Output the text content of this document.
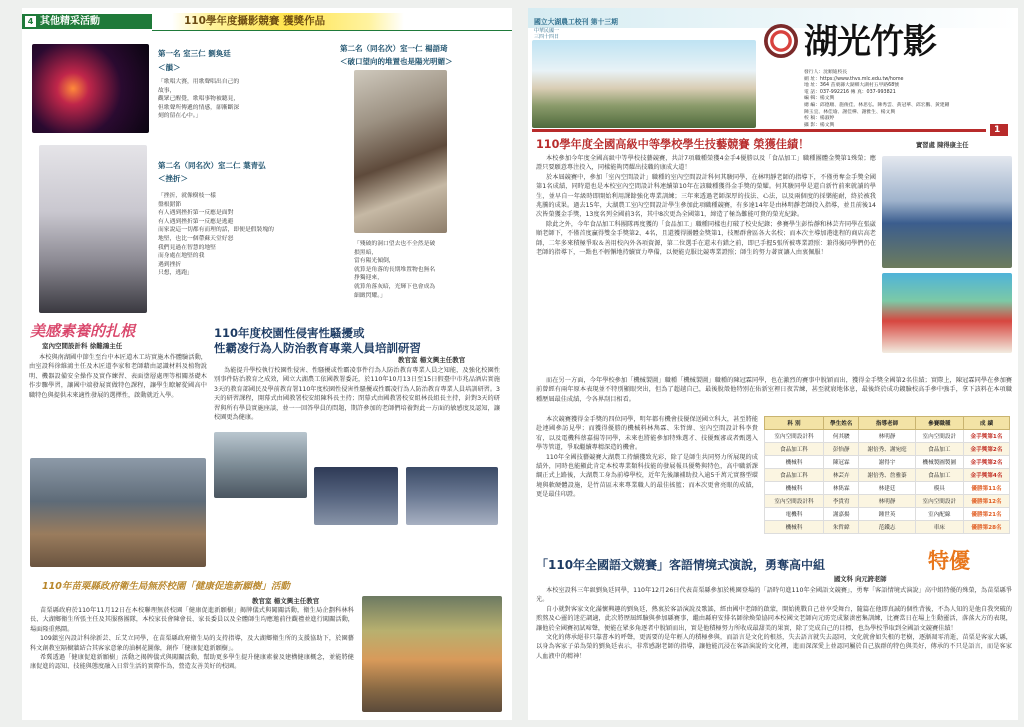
4 其他精采活動	110學年度攝影競賽 獲獎作品
第一名 室三仁 劉奐廷
＜韻＞
「歌唱大賽，用歌聲唱出自己的
故事，
觀眾已醒覺，歌唱事物被聽見，
但歌聲所傳遞的情感，卻漸斷深
刻的留在心中。」
第二名（同名次）室一仁 楊語琦
＜破口望向的堆置也是陽光明媚＞
「殘破的洞口望去也不全然是破
損黑暗，
當有陽光傾倒，
就算是角落的長期堆置物也無名
挣獨迎來，
就算角落灰暗，光輝下也會成為
細緻閃耀。」
第二名（同名次）室二仁 葉青弘
＜挫折＞
「挫折，就像樹枝一樣
盤根錯節
有人遇到挫折第一反應是面對
有人遇到挫折第一反應是逃避
而家說這一切都有而理的話，即便是假裝塊的
地堅，也比一個帶蘇天堂好怒
我們見過在智慧的地堅
而身處在地堅的我
遇到挫折
只想，逃跑」
美感素養的扎根
室內空間設計科 徐難鴻主任
本校與南湖國中節生至台中本匠道木工坊實施木作體驗活動，由室設科徐維鴻主任及木匠道李家和老師藉由認識材料及植物說明、機器設備安全操作及實作練習、表面塗層處理等相關基礎木作步驟學習，讓國中端發展實做特色課程，讓學生瞭解從國高中職特色與提供未來適性發展的選擇性，啟動就近入學。
110年度校園性侵害性騷擾或
性霸凌行為人防治教育專業人員培訓研習
教官室 楊文興主任教官
為能提升學校執行校園性侵害、性騷擾或性霸凌事件行為人防治教育專業人員之知能，及強化校園性別事件防治教育之成效，國立大湖農工依國教署委託，於110年10月13日至15日假臺中市兆品酒店實施3天的教育部國民及學前教育署110年度校園性侵害性騷擾或性霸凌行為人防治教育專業人員培訓研習。3天的研習課程，開幕式由國教署校安組陳科長主持；閉幕式由國教署校安組林長組長主持，針對3天的研習與所有學員實施座談，並一一回答學員的問題，期許參加的老師們培養對此一方面的敏感度及認知，讓校園更為健康。
110年苗栗縣政府衛生局無菸校園「健康促進新願樹」活動
教官室 楊文興主任教官
苗栗縣政府於110年11月12日在本校聯理無菸校園「健康促進新願樹」揭牌儀式與闖關活動，衛生局企劃科林科長、大湖鄉衛生所張主任及其服務團隊，本校家長會陳會長、家長委員以及全體師生均應邀前往觀禮並進行闖關活動，場面隆重熱鬧。
109鎮室內設計科徐新芸、丘艾立同學，在苗栗縣政府衛生局的支持指導，及大湖鄉衛生所的支援協助下，於園藝科文創教室隔櫥牆結合其客家意象的油桐花圖像，創作「健康促進新願樹」。
希冀透過「健康促進新願樹」活動之揭牌儀式與闖關活動，幫助更多學生提升健康素養及建構健康概念，並能將健康促進的認知、技能與態度融入日常生活的實際作為，營造友善美好的校園。
國立大湖農工校刊 第十三期
中華民國一
三四十四日	湖光竹影
發行人：沈順迪校長
網 址：https://www.thvs.mlc.edu.tw/home
地 址：364 苗栗縣大湖鄉大湖村五甲路68號
電 話：037-992216 傳 真：037-993821
編 輯：楊文興
總 編：邱德順、施俊佳、林思弘、陳秀雲、黃冠華、邱宏鵬、黃建剛
陳玉宜、林佳瑜、謝佳樺、謝雅生、楊文興
校 稿：楊淑婷
攝 影：楊文興	1
110學年度全國高級中等學校學生技藝競賽 榮獲佳績！	實習處 陳得康主任
本校參加今年度全國高級中等學校技藝競賽，共計7項職種榮獲4金手4優勝以及「食品加工」職種團體金獎第1殊榮；應證只要願意專注投入，同樣能夠閃耀出技職的康成大道！
於本屆競賽中，參加「室內空間設計」職種的室內空間設計科何其駿同學，在林明靜老師的指導下，不僅勇奪金手獎全國第1名成績，同時還也是本校室內空間設計科連續第10年在該職種獲得金手獎的榮耀。何其駿同學是還自新竹前來就讀的學生，並早自一年級時即開始利用課餘強化專業訓練；三年來透過老師深厚的技法、心法，以及兩個度的採樂能耐，終於被我兆騰的成果。過去15年，大湖農工室內空間設計學生參加此項職種競賽，有多達14年是由林明靜老師投入指導，並且前後14次皆榮獲金手獎，13度名列全國前3名，其中8次更為全國第1，締造了極為難能可貴的榮光紀錄。
除此之外，今年食品加工科團隊再度獲的「食品加工」職種同樣也打破了校史紀錄；參賽學生彭怡靜和林芸卉同學在張崴順老師下，不僅首度贏得雙金手獎第2、4名，且還獲得團體金獎第1，技壓群會區各大名校；而本次主導加港進程的商店高老師，二年多來積極爭取＆善用校內外各項資源，第二位選手在還未有錯之前，即已手握5張所被專業證照：兼得後同學們仍在老師的指導下，一點也不輕懈地持續實力準備，以便能克服比競專業證照；師生的努力著實讓人由衷佩服！
而在另一方面，今年學校參加「機械製圖」職種「機械製圖」職種的陳冠霖同學，也在激烈的賽事中脫穎而出，獲得金手獎全國第2名佳績；實際上，陳冠霖同學在參加賽前曾經有兩年原本表現並不特別顯眼突出，但為了超越自己，最後脫殼他特別在佑新室裡日夜苦練，甚至就寢地体息，最後終於成功鍍驗校高手參中強手，拿下該料在本項職種歷屆最佳成績，令各界刮目相看。
本次競賽獲得金手獎的四位同學，明年都有機會技優保送國立科大，甚至將能赴連國參訪見學；而獲得優勝的機械料林雋霖、朱哲緯、室內空間設計科李貴宥，以及電機科蔡嘉揚等同學，未來也將能參加特殊選才、技優甄審或者甄選入學等管道，爭取繼續專精深造的機會。
110年全國技藝競賽大湖農工持續獲致光彩，除了是師生共同努力所展現的成績外，同時也能顯此肯定本校專業類科技能的發展報具優勢與特色，高中職新課綱正式上路後，大湖農工身為前導學校，近年先後讓補助投入逾5千萬元實務型環境與軟硬體設施，是竹苗區未來專業職人的最佳搖籃；而本次更會亮眼的成績，更是最佳印證。
科 別	學生姓名	指導老師	參賽職種	成 績
室內空間設計科	何其駿	林明靜	室內空間設計	金手獎第1名
食品加工科	彭怡靜	謝倍秀、謝宛庭	食品加工	金手獎第2名
機械科	陳冠霖	謝得宇	機械製圖製圖	金手獎第2名
食品加工科	林芸卉	謝倍秀、詹雅蓁	食品加工	金手獎第4名
機械科	林雋霖	林建廷	模具	優勝第11名
室內空間設計科	李貴宥	林明靜	室內空間設計	優勝第12名
電機科	謝嘉揚	鍾世英	室內配線	優勝第21名
機械科	朱哲緯	范鐵志	車床	優勝第28名
「110年全國語文競賽」客語情境式演說，勇奪高中組	特優
國文科 向元誇老師
本校室設科三年級劉奐廷同學，110年12月26日代表苗栗縣參加於桃園登場的「語時句進110年全國語文競賽」，勇奪「客語情境式演說」高中組特優的殊榮，為苗栗縣爭光。
自小就對客家文化滿懷興趣的劉奐廷，熱衷於客語演說及歌謠，經由國中老師的啟蒙，開始挑戰自己並享受舞台，隨篇在他即真誠的個性背後，不為人知的是他自我突破的煎熬及心靈的迷茫調適，此次將歷屆經驗與參加縣賽事，繼由縣府安排名師徐煥榮協同本校國文老師向元昉完成緊湊密集訓練，比賽當日在場上生動靈活，落落大方的表現，讓他於全國賽初試啼聲，便能在眾多角逐者中脫穎而出，實是他積極努力所收成最甜美的果實，除了完成自己的目標，也為學校爭取到全國語文競賽佳績！
文化的傳承絕非只靠書本的呼聲，更需要的是年輕人的積極參與，而語言是文化的根基，失去語言就失去認同，文化就會如失根的老樹，逐漸凋零消逝，苗栗是客家大縣，以身為客家子弟為榮的劉奐廷表示，非常感謝老師的指導，讓他能沉浸在客語演說的文化裡，進而深深愛上並認同屬於自己族群的特色與美好，傳承的不只是語言，而是客家人血液中的精神！
